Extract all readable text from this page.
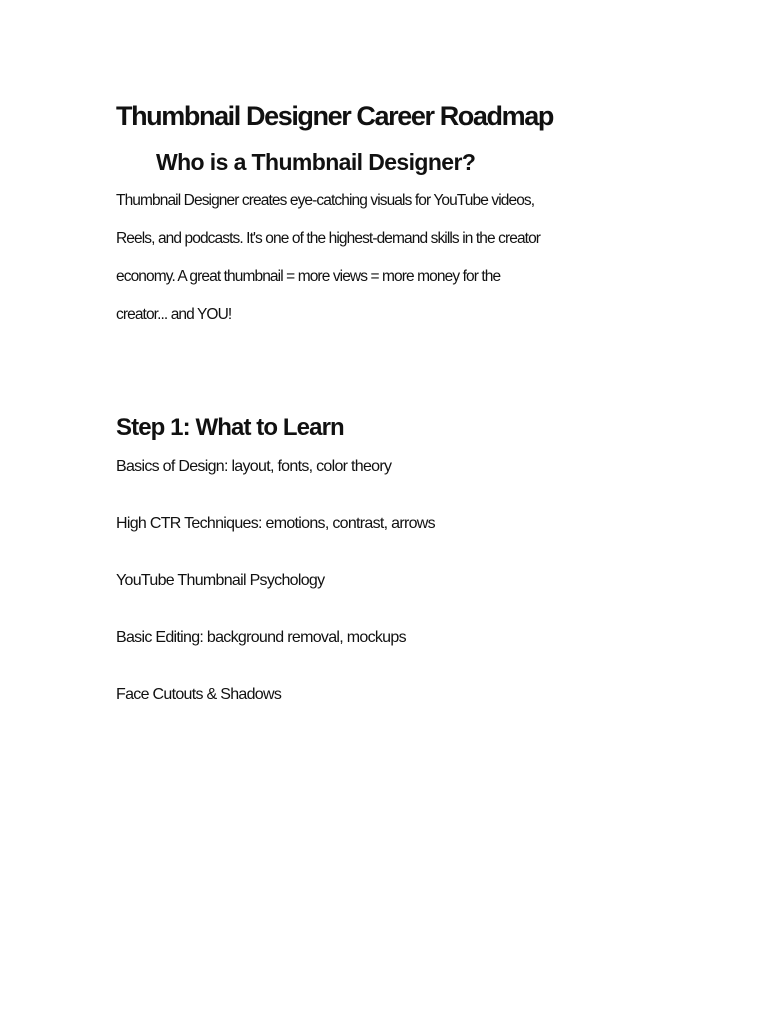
Thumbnail Designer Career Roadmap
Who is a Thumbnail Designer?
Thumbnail Designer creates eye-catching visuals for YouTube videos,
Reels, and podcasts. It's one of the highest-demand skills in the creator
economy. A great thumbnail = more views = more money for the
creator... and YOU!
Step 1: What to Learn
Basics of Design: layout, fonts, color theory
High CTR Techniques: emotions, contrast, arrows
YouTube Thumbnail Psychology
Basic Editing: background removal, mockups
Face Cutouts & Shadows
